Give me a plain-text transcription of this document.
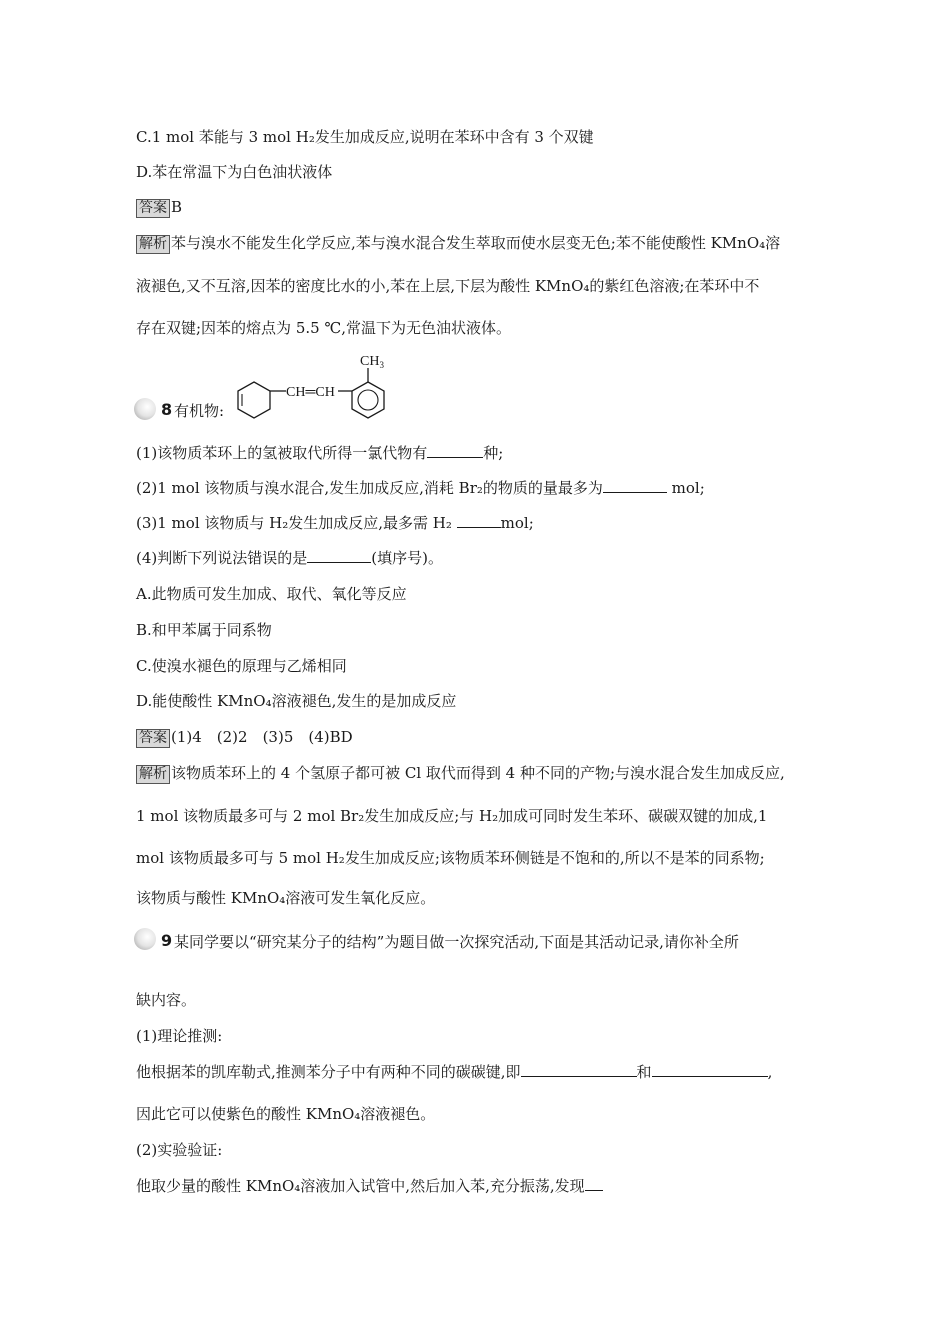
C.1 mol 苯能与 3 mol H₂发生加成反应,说明在苯环中含有 3 个双键
D.苯在常温下为白色油状液体
答案 B
解析 苯与溴水不能发生化学反应,苯与溴水混合发生萃取而使水层变无色;苯不能使酸性 KMnO₄溶
液褪色,又不互溶,因苯的密度比水的小,苯在上层,下层为酸性 KMnO₄的紫红色溶液;在苯环中不
存在双键;因苯的熔点为 5.5 ℃,常温下为无色油状液体。
8 有机物:
CH═CH
$CH_3$
(1)该物质苯环上的氢被取代所得一氯代物有	种;
(2)1 mol 该物质与溴水混合,发生加成反应,消耗 Br₂的物质的量最多为	mol;
(3)1 mol 该物质与 H₂发生加成反应,最多需 H₂	mol;
(4)判断下列说法错误的是	(填序号)。
A.此物质可发生加成、取代、氧化等反应
B.和甲苯属于同系物
C.使溴水褪色的原理与乙烯相同
D.能使酸性 KMnO₄溶液褪色,发生的是加成反应
答案 (1)4　(2)2　(3)5　(4)BD
解析 该物质苯环上的 4 个氢原子都可被 Cl 取代而得到 4 种不同的产物;与溴水混合发生加成反应,
1 mol 该物质最多可与 2 mol Br₂发生加成反应;与 H₂加成可同时发生苯环、碳碳双键的加成,1
mol 该物质最多可与 5 mol H₂发生加成反应;该物质苯环侧链是不饱和的,所以不是苯的同系物;
该物质与酸性 KMnO₄溶液可发生氧化反应。
9 某同学要以“研究某分子的结构”为题目做一次探究活动,下面是其活动记录,请你补全所
缺内容。
(1)理论推测:
他根据苯的凯库勒式,推测苯分子中有两种不同的碳碳键,即	和	,
因此它可以使紫色的酸性 KMnO₄溶液褪色。
(2)实验验证:
他取少量的酸性 KMnO₄溶液加入试管中,然后加入苯,充分振荡,发现
